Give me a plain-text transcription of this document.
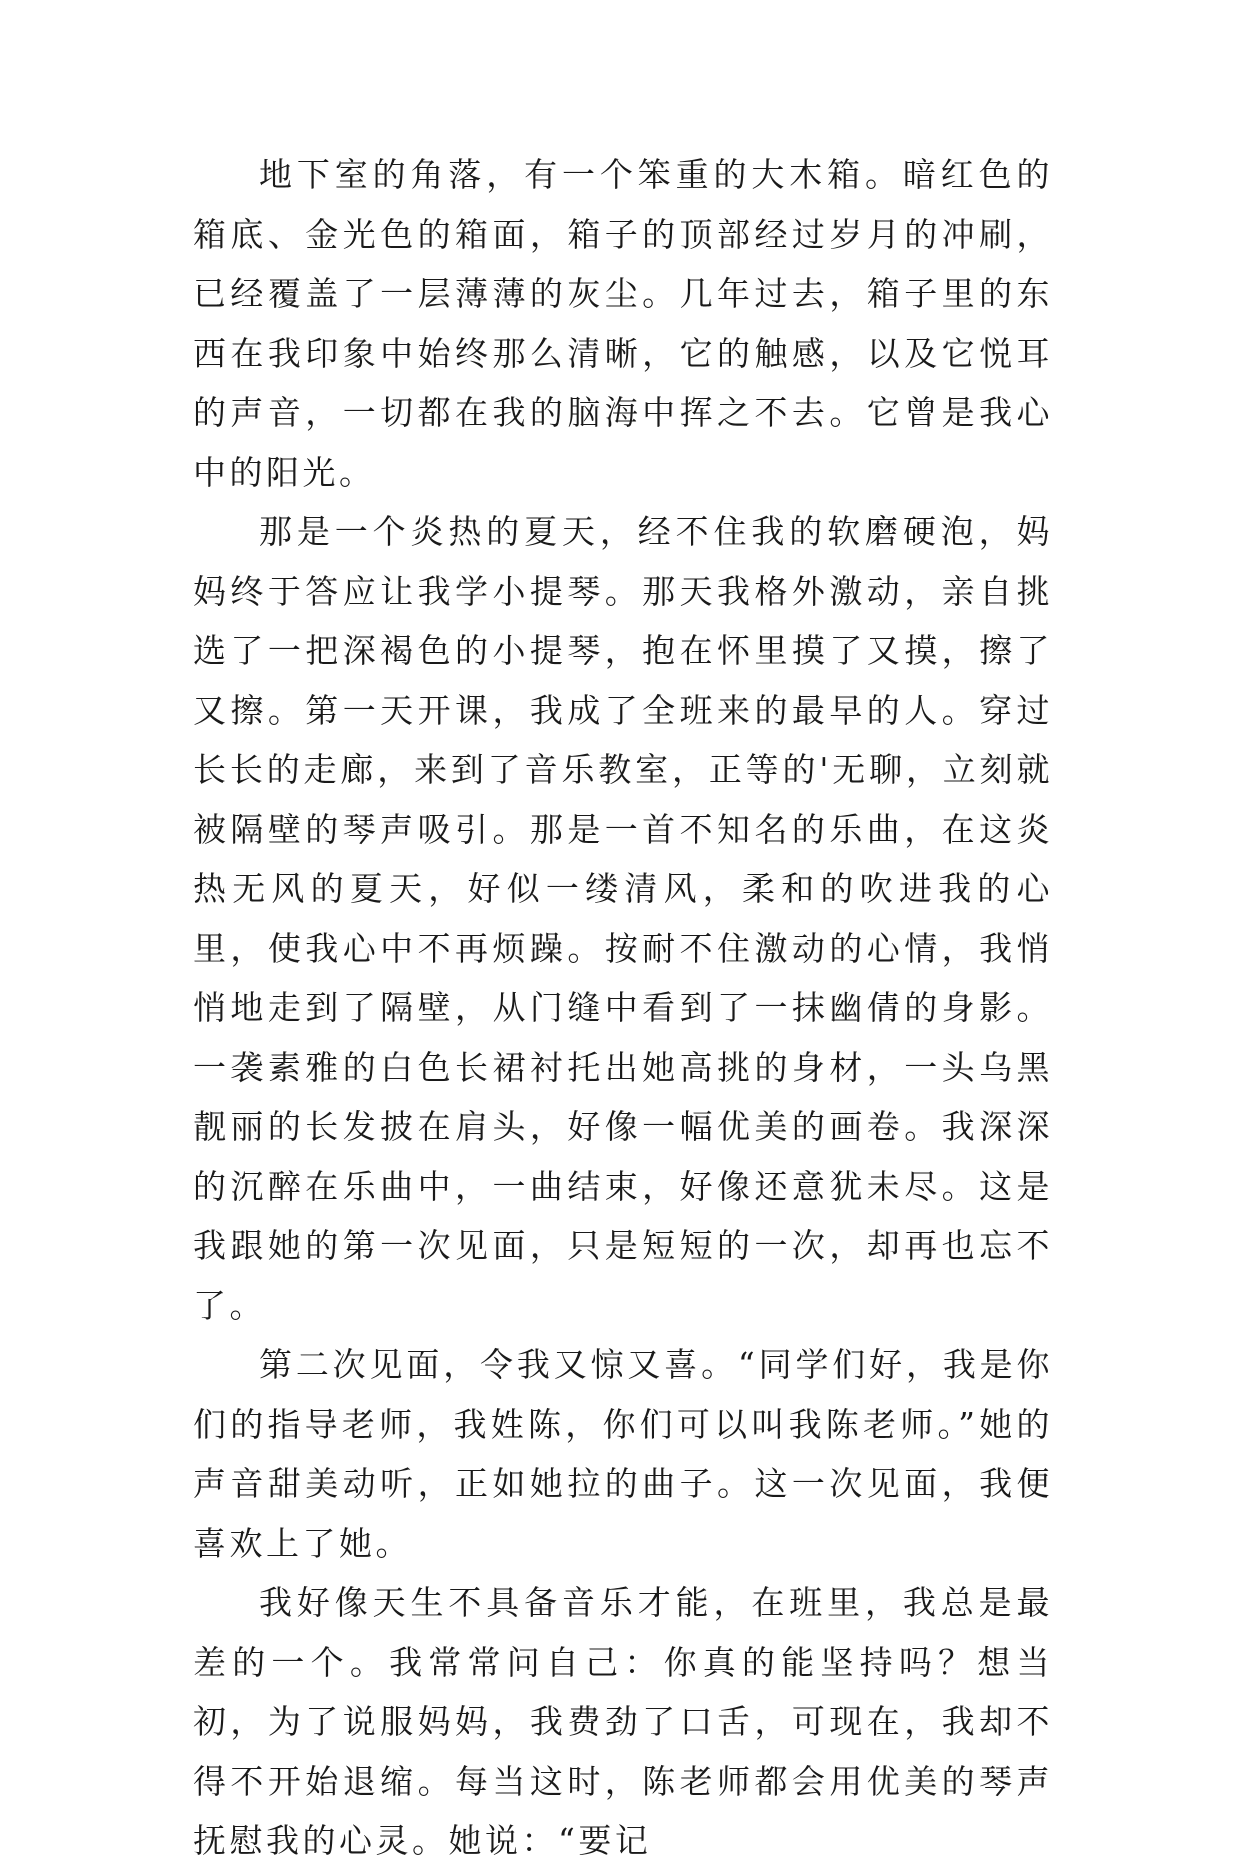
地下室的角落，有一个笨重的大木箱。暗红色的箱底、金光色的箱面，箱子的顶部经过岁月的冲刷，已经覆盖了一层薄薄的灰尘。几年过去，箱子里的东西在我印象中始终那么清晰，它的触感，以及它悦耳的声音，一切都在我的脑海中挥之不去。它曾是我心中的阳光。

那是一个炎热的夏天，经不住我的软磨硬泡，妈妈终于答应让我学小提琴。那天我格外激动，亲自挑选了一把深褐色的小提琴，抱在怀里摸了又摸，擦了又擦。第一天开课，我成了全班来的最早的人。穿过长长的走廊，来到了音乐教室，正等的'无聊，立刻就被隔壁的琴声吸引。那是一首不知名的乐曲，在这炎热无风的夏天，好似一缕清风，柔和的吹进我的心里，使我心中不再烦躁。按耐不住激动的心情，我悄悄地走到了隔壁，从门缝中看到了一抹幽倩的身影。一袭素雅的白色长裙衬托出她高挑的身材，一头乌黑靓丽的长发披在肩头，好像一幅优美的画卷。我深深的沉醉在乐曲中，一曲结束，好像还意犹未尽。这是我跟她的第一次见面，只是短短的一次，却再也忘不了。

第二次见面，令我又惊又喜。“同学们好，我是你们的指导老师，我姓陈，你们可以叫我陈老师。”她的声音甜美动听，正如她拉的曲子。这一次见面，我便喜欢上了她。

我好像天生不具备音乐才能，在班里，我总是最差的一个。我常常问自己：你真的能坚持吗？想当初，为了说服妈妈，我费劲了口舌，可现在，我却不得不开始退缩。每当这时，陈老师都会用优美的琴声抚慰我的心灵。她说：“要记
